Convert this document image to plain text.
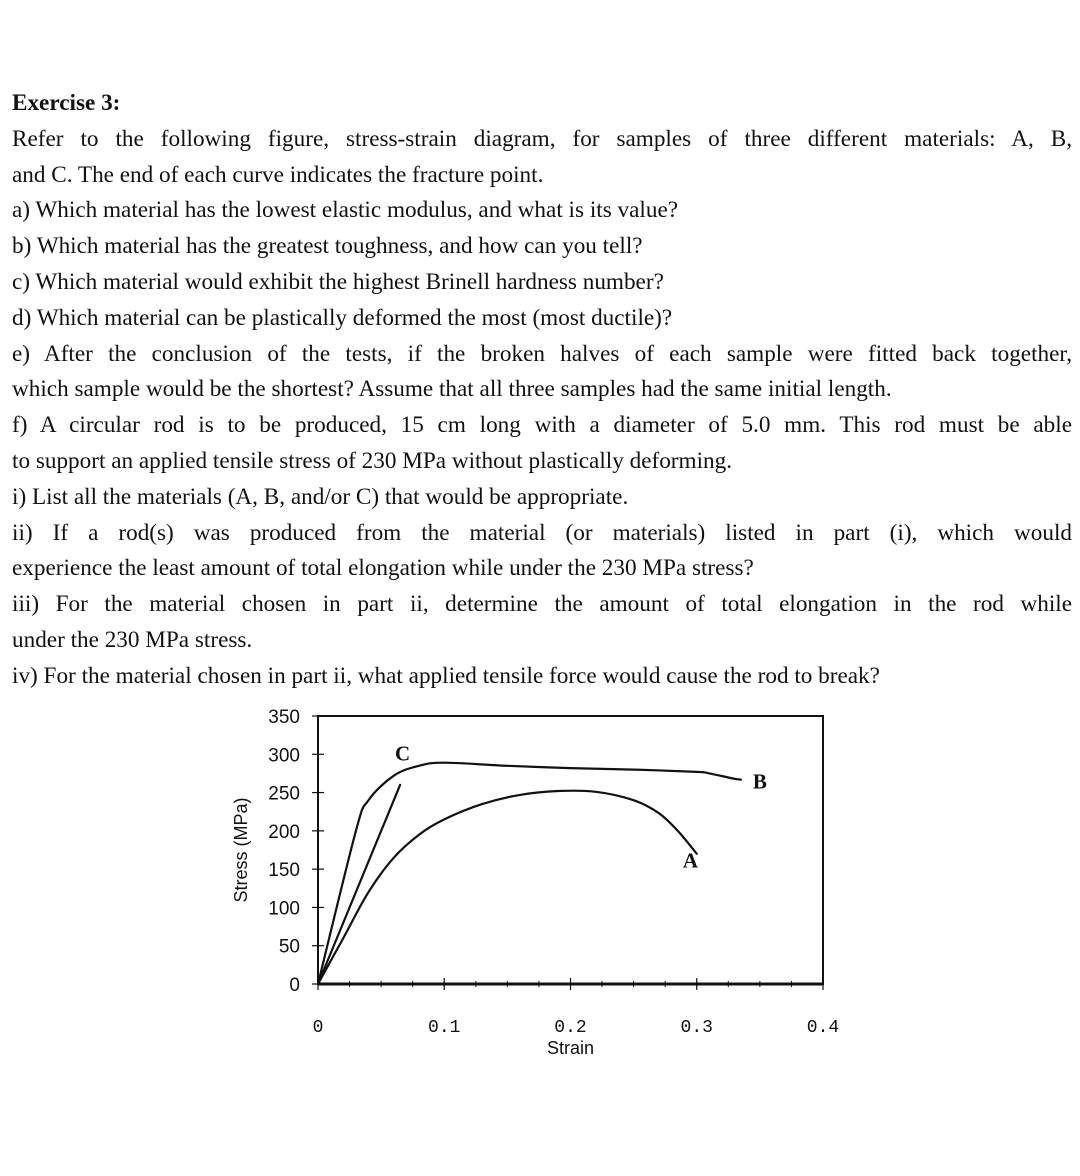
Exercise 3:

Refer to the following figure, stress-strain diagram, for samples of three different materials: A, B,
and C. The end of each curve indicates the fracture point.

a) Which material has the lowest elastic modulus, and what is its value?
b) Which material has the greatest toughness, and how can you tell?
c) Which material would exhibit the highest Brinell hardness number?
d) Which material can be plastically deformed the most (most ductile)?
e) After the conclusion of the tests, if the broken halves of each sample were fitted back together,
which sample would be the shortest? Assume that all three samples had the same initial length.
f) A circular rod is to be produced, 15 cm long with a diameter of 5.0 mm. This rod must be able
to support an applied tensile stress of 230 MPa without plastically deforming.
i) List all the materials (A, B, and/or C) that would be appropriate.
ii) If a rod(s) was produced from the material (or materials) listed in part (i), which would
experience the least amount of total elongation while under the 230 MPa stress?
iii) For the material chosen in part ii, determine the amount of total elongation in the rod while
under the 230 MPa stress.
iv) For the material chosen in part ii, what applied tensile force would cause the rod to break?
0
50
100
150
200
250
300
350
0	0.1	0.2	0.3	0.4
Strain
Stress (MPa)
C
B
A
